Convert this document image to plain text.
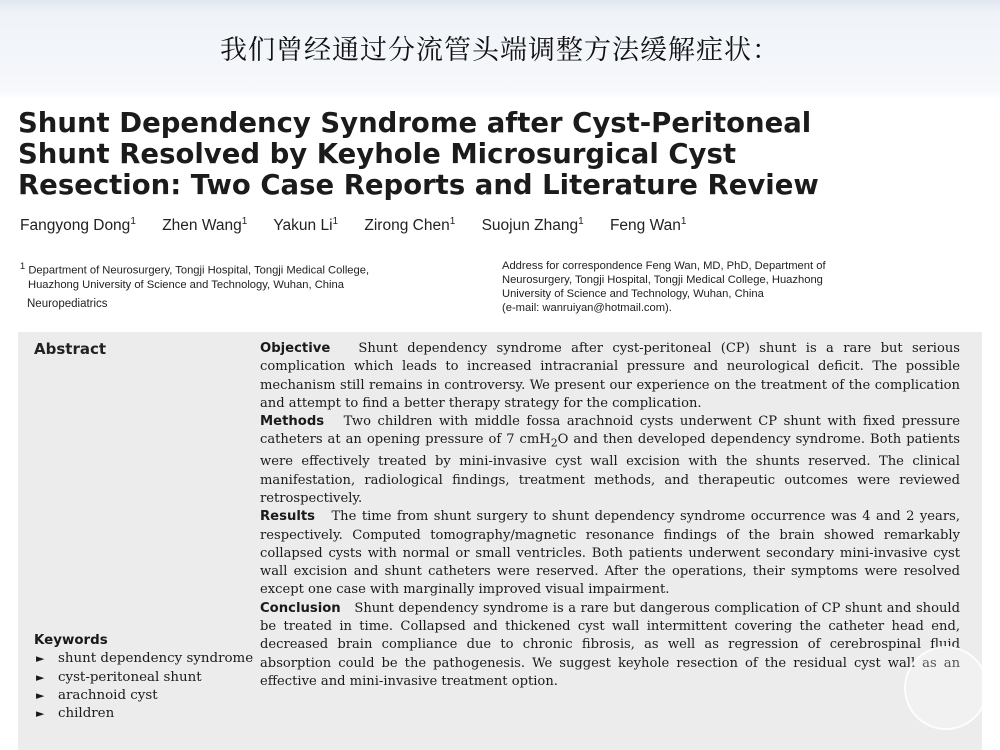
我们曾经通过分流管头端调整方法缓解症状：
Shunt Dependency Syndrome after Cyst-Peritoneal
Shunt Resolved by Keyhole Microsurgical Cyst
Resection: Two Case Reports and Literature Review
Fangyong Dong$^1$ Zhen Wang$^1$ Yakun Li$^1$ Zirong Chen$^1$ Suojun Zhang$^1$ Feng Wan$^1$
$^1$ Department of Neurosurgery, Tongji Hospital, Tongji Medical College,
Huazhong University of Science and Technology, Wuhan, China
Neuropediatrics
Address for correspondence Feng Wan, MD, PhD, Department of
Neurosurgery, Tongji Hospital, Tongji Medical College, Huazhong
University of Science and Technology, Wuhan, China
(e-mail: wanruiyan@hotmail.com).
Abstract	Objective Shunt dependency syndrome after cyst-peritoneal (CP) shunt is a rare but serious complication which leads to increased intracranial pressure and neurological deficit. The possible mechanism still remains in controversy. We present our experience on the treatment of the complication and attempt to find a better therapy strategy for the complication.

Methods Two children with middle fossa arachnoid cysts underwent CP shunt with fixed pressure catheters at an opening pressure of 7 cmH$_2$O and then developed dependency syndrome. Both patients were effectively treated by mini-invasive cyst wall excision with the shunts reserved. The clinical manifestation, radiological findings, treatment methods, and therapeutic outcomes were reviewed retrospectively.

Results The time from shunt surgery to shunt dependency syndrome occurrence was 4 and 2 years, respectively. Computed tomography/magnetic resonance findings of the brain showed remarkably collapsed cysts with normal or small ventricles. Both patients underwent secondary mini-invasive cyst wall excision and shunt catheters were reserved. After the operations, their symptoms were resolved except one case with marginally improved visual impairment.

Conclusion Shunt dependency syndrome is a rare but dangerous complication of CP shunt and should be treated in time. Collapsed and thickened cyst wall intermittent covering the catheter head end, decreased brain compliance due to chronic fibrosis, as well as regression of cerebrospinal fluid absorption could be the pathogenesis. We suggest keyhole resection of the residual cyst wall as an effective and mini-invasive treatment option.

Keywords
► shunt dependency syndrome
► cyst-peritoneal shunt
► arachnoid cyst
► children
